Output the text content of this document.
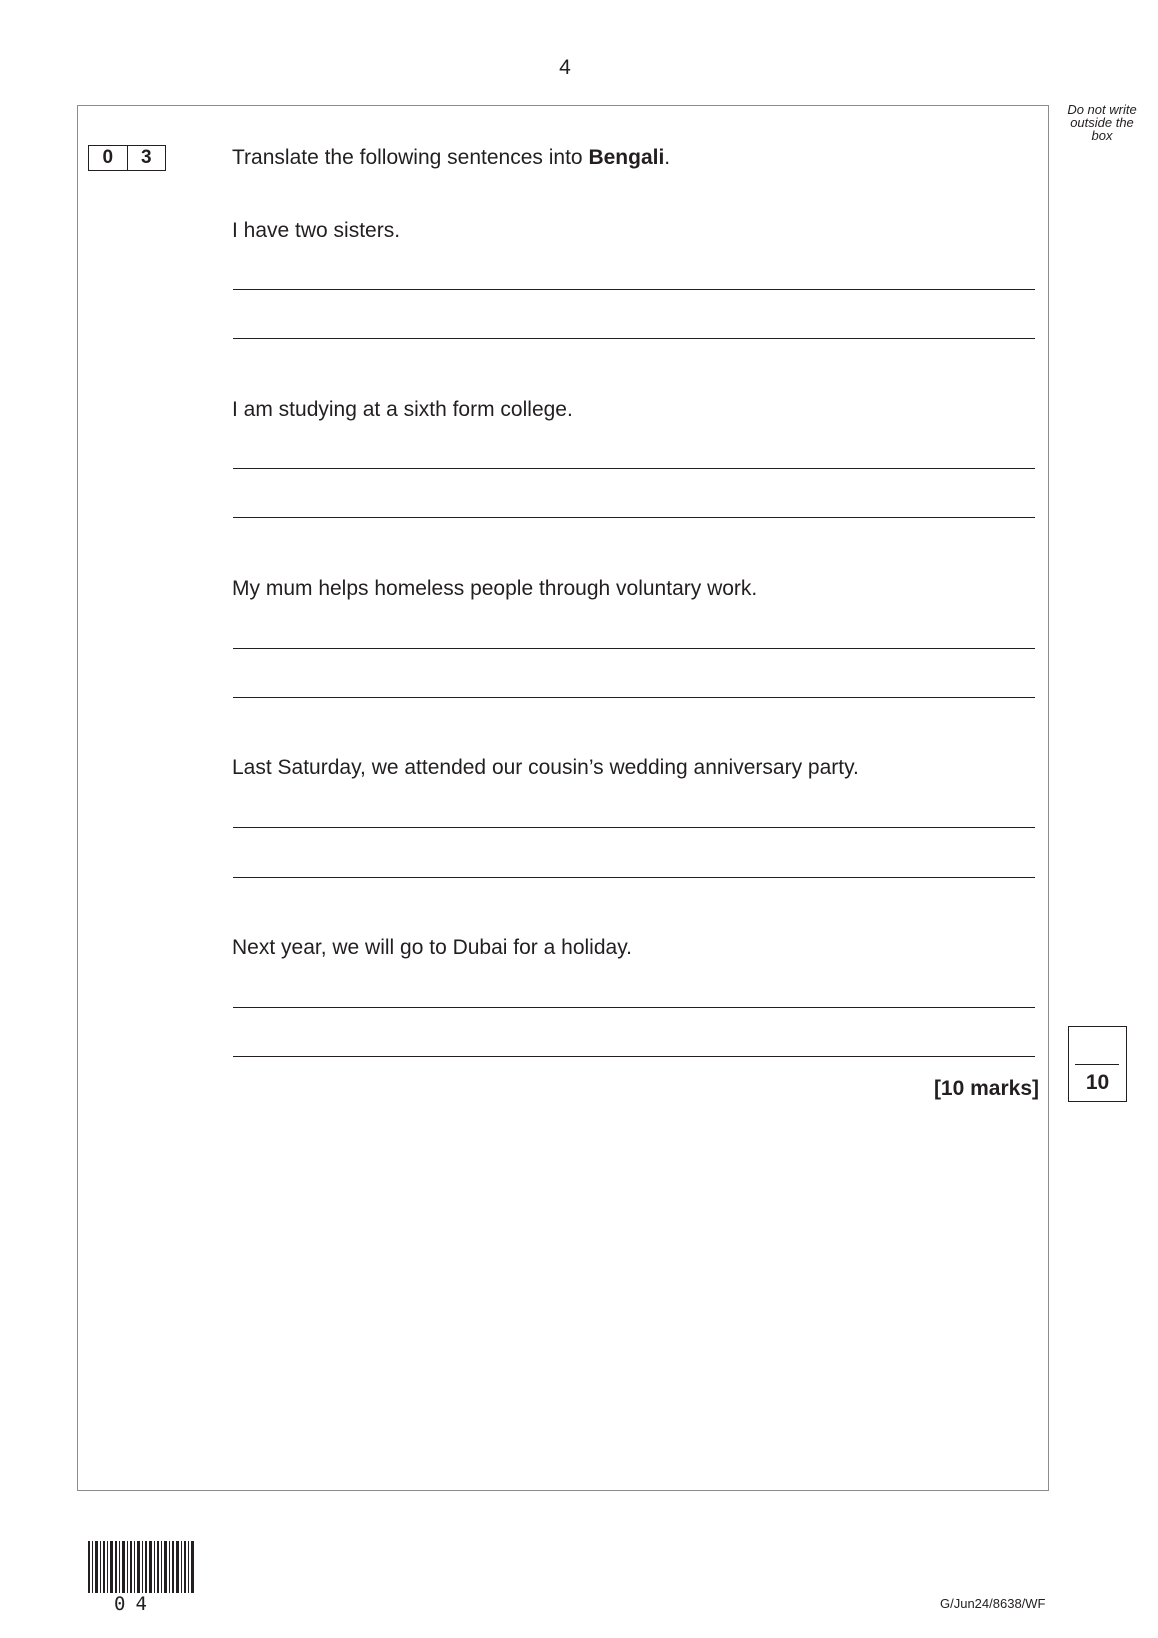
4
Do not write outside the box
0	3	Translate the following sentences into Bengali.
I have two sisters.
I am studying at a sixth form college.
My mum helps homeless people through voluntary work.
Last Saturday, we attended our cousin’s wedding anniversary party.
Next year, we will go to Dubai for a holiday.
[10 marks]	10
04	G/Jun24/8638/WF
